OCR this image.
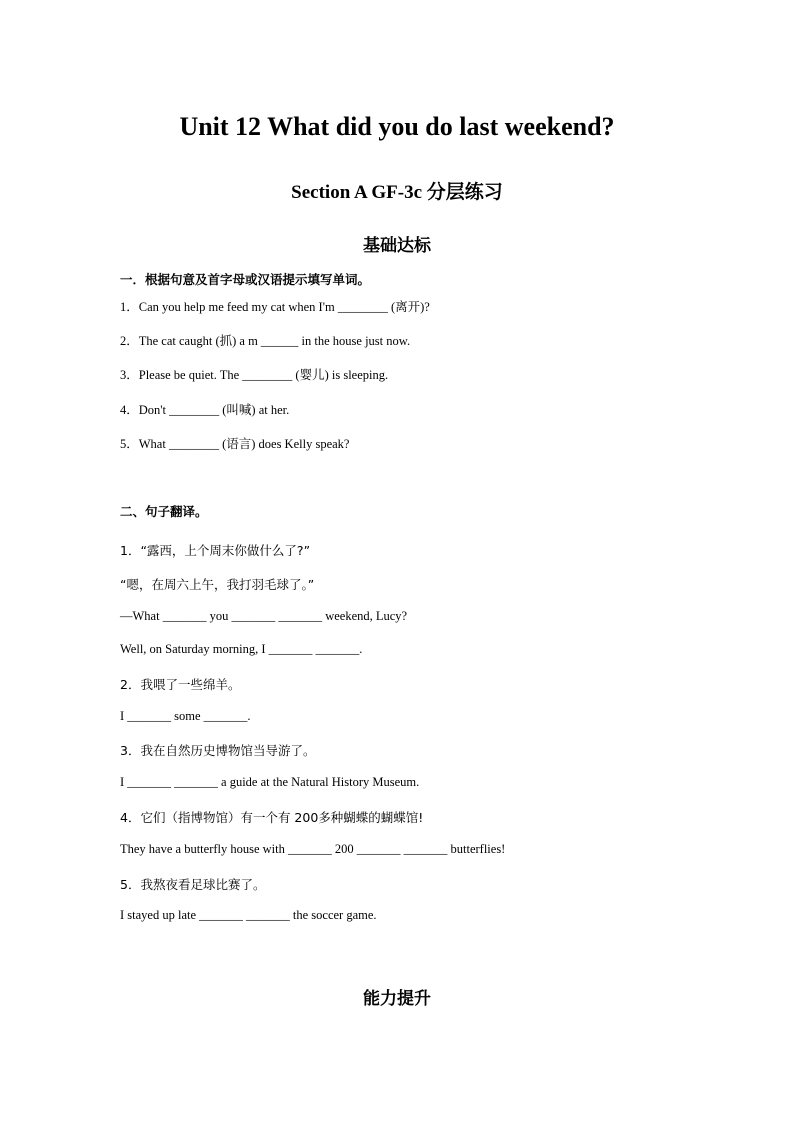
Unit 12 What did you do last weekend?
Section A GF-3c 分层练习
基础达标

一．根据句意及首字母或汉语提示填写单词。

1．Can you help me feed my cat when I'm ________ (离开)?

2．The cat caught (抓) a m ______ in the house just now.

3．Please be quiet. The ________ (婴儿) is sleeping.

4．Don't ________ (叫喊) at her.

5．What ________ (语言) does Kelly speak?

二、句子翻译。

1．“露西，上个周末你做什么了?”

“嗯，在周六上午，我打羽毛球了。”

—What _______ you _______ _______ weekend, Lucy?

Well, on Saturday morning, I _______ _______.

2．我喂了一些绵羊。

I _______ some _______.

3．我在自然历史博物馆当导游了。

I _______ _______ a guide at the Natural History Museum.

4．它们（指博物馆）有一个有 200多种蝴蝶的蝴蝶馆!

They have a butterfly house with _______ 200 _______ _______ butterflies!

5．我熬夜看足球比赛了。

I stayed up late _______ _______ the soccer game.

能力提升
